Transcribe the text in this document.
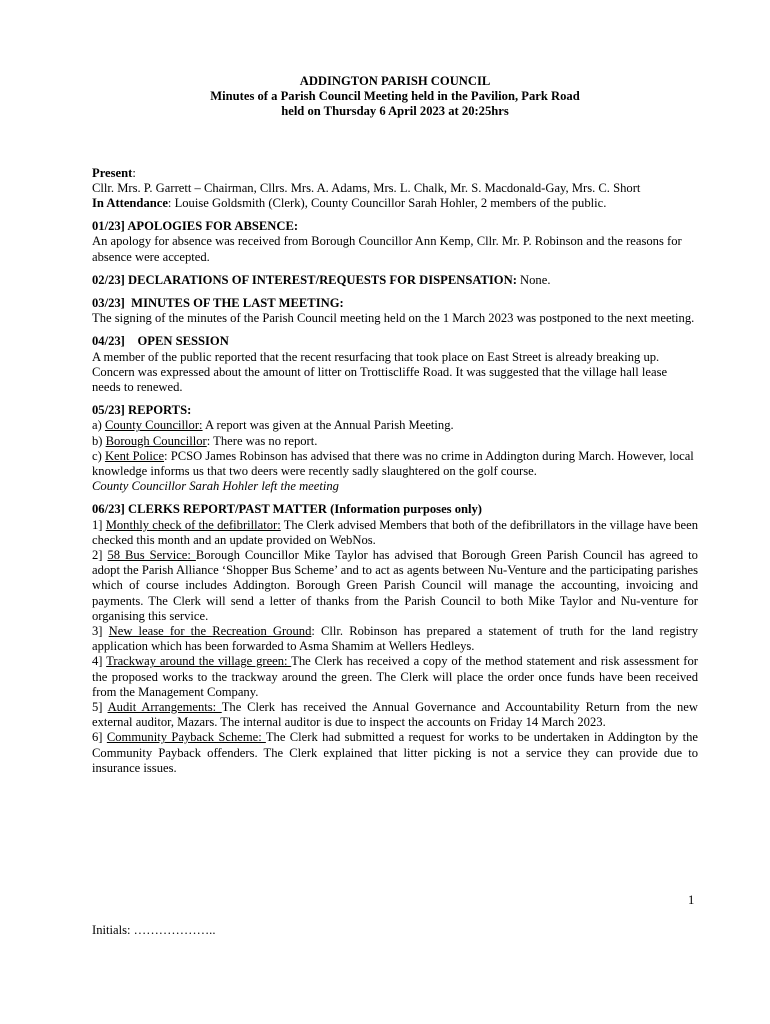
ADDINGTON PARISH COUNCIL
Minutes of a Parish Council Meeting held in the Pavilion, Park Road
held on Thursday 6 April 2023 at 20:25hrs
Present:
Cllr. Mrs. P. Garrett – Chairman, Cllrs. Mrs. A. Adams, Mrs. L. Chalk, Mr. S. Macdonald-Gay, Mrs. C. Short
In Attendance: Louise Goldsmith (Clerk), County Councillor Sarah Hohler, 2 members of the public.
01/23] APOLOGIES FOR ABSENCE:
An apology for absence was received from Borough Councillor Ann Kemp, Cllr. Mr. P. Robinson and the reasons for absence were accepted.
02/23] DECLARATIONS OF INTEREST/REQUESTS FOR DISPENSATION: None.
03/23]  MINUTES OF THE LAST MEETING:
The signing of the minutes of the Parish Council meeting held on the 1 March 2023 was postponed to the next meeting.
04/23]    OPEN SESSION
A member of the public reported that the recent resurfacing that took place on East Street is already breaking up. Concern was expressed about the amount of litter on Trottiscliffe Road. It was suggested that the village hall lease needs to renewed.
05/23] REPORTS:
a) County Councillor: A report was given at the Annual Parish Meeting.
b) Borough Councillor: There was no report.
c) Kent Police: PCSO James Robinson has advised that there was no crime in Addington during March. However, local knowledge informs us that two deers were recently sadly slaughtered on the golf course.
County Councillor Sarah Hohler left the meeting
06/23] CLERKS REPORT/PAST MATTER (Information purposes only)
1] Monthly check of the defibrillator: The Clerk advised Members that both of the defibrillators in the village have been checked this month and an update provided on WebNos.
2] 58 Bus Service: Borough Councillor Mike Taylor has advised that Borough Green Parish Council has agreed to adopt the Parish Alliance ‘Shopper Bus Scheme’ and to act as agents between Nu-Venture and the participating parishes which of course includes Addington. Borough Green Parish Council will manage the accounting, invoicing and payments. The Clerk will send a letter of thanks from the Parish Council to both Mike Taylor and Nu-venture for organising this service.
3] New lease for the Recreation Ground: Cllr. Robinson has prepared a statement of truth for the land registry application which has been forwarded to Asma Shamim at Wellers Hedleys.
4] Trackway around the village green: The Clerk has received a copy of the method statement and risk assessment for the proposed works to the trackway around the green. The Clerk will place the order once funds have been received from the Management Company.
5] Audit Arrangements: The Clerk has received the Annual Governance and Accountability Return from the new external auditor, Mazars. The internal auditor is due to inspect the accounts on Friday 14 March 2023.
6] Community Payback Scheme: The Clerk had submitted a request for works to be undertaken in Addington by the Community Payback offenders. The Clerk explained that litter picking is not a service they can provide due to insurance issues.
1
Initials: ………………..
